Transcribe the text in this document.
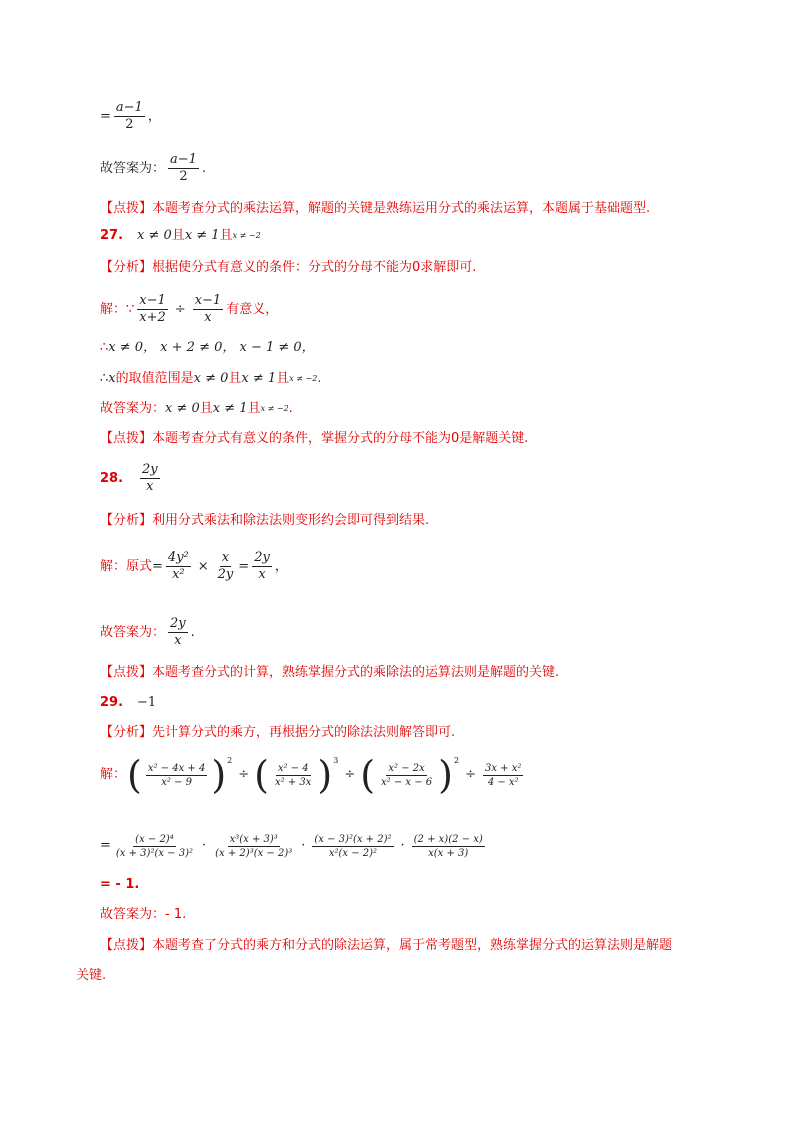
= $\frac{a-1}{2}$ ，
故答案为： $\frac{a-1}{2}$ .
【点拨】 本题考查分式的乘法运算，解题的关键是熟练运用分式的乘法运算，本题属于基础题型.
27. x ≠ 0 且 x ≠ 1 且 x ≠ −2
【分析】 根据使分式有意义的条件：分式的分母不能为0求解即可.
解：∵ $\frac{x-1}{x+2} \div \frac{x-1}{x}$ 有意义，
∴ x ≠ 0， x + 2 ≠ 0， x − 1 ≠ 0，
∴ x 的取值范围是 x ≠ 0 且 x ≠ 1 且 x ≠ −2 .
故答案为： x ≠ 0 且 x ≠ 1 且 x ≠ −2 .
【点拨】 本题考查分式有意义的条件，掌握分式的分母不能为0是解题关键.
28. $\frac{2y}{x}$
【分析】 利用分式乘法和除法法则变形约会即可得到结果.
解：原式 = $\frac{\text{4y²}}{\text{x²}} \times \frac{x}{2y} = \frac{2y}{x}$ ，
故答案为： $\frac{2y}{x}$ .
【点拨】 本题考查分式的计算，熟练掌握分式的乘除法的运算法则是解题的关键.
29. −1
【分析】 先计算分式的乘方，再根据分式的除法法则解答即可.
解： ( $\frac{\text{x² − 4x + 4}}{\text{x² − 9}}$ ) 2
÷ ( $\frac{\text{x² − 4}}{\text{x² + 3x}}$ ) 3
÷ ( $\frac{\text{x² − 2x}}{\text{x² − x − 6}}$ ) 2
÷ $\frac{\text{3x + x²}}{\text{4 − x²}}$
= $\frac{\text{(x − 2)⁴}}{\text{(x + 3)²(x − 3)²}} \cdot \frac{\text{x³(x + 3)³}}{\text{(x + 2)³(x − 2)³}} \cdot \frac{\text{(x − 3)²(x + 2)²}}{\text{x²(x − 2)²}} \cdot \frac{(2 + x)(2 - x)}{x(x + 3)}$
= - 1.
故答案为： - 1.
【点拨】 本题考查了分式的乘方和分式的除法运算，属于常考题型，熟练掌握分式的运算法则是解题
关键.
